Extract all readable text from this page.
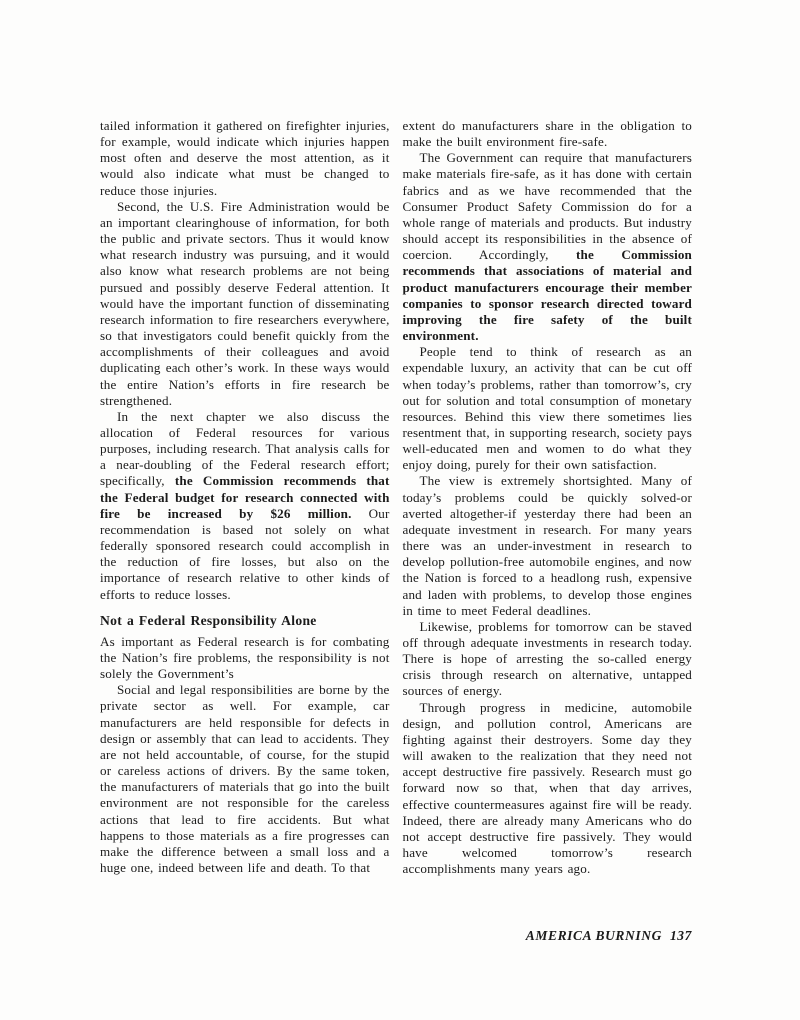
tailed information it gathered on firefighter injuries, for example, would indicate which injuries happen most often and deserve the most attention, as it would also indicate what must be changed to reduce those injuries.

Second, the U.S. Fire Administration would be an important clearinghouse of information, for both the public and private sectors. Thus it would know what research industry was pursuing, and it would also know what research problems are not being pursued and possibly deserve Federal attention. It would have the important function of disseminating research information to fire researchers everywhere, so that investigators could benefit quickly from the accomplishments of their colleagues and avoid duplicating each other’s work. In these ways would the entire Nation’s efforts in fire research be strengthened.

In the next chapter we also discuss the allocation of Federal resources for various purposes, including research. That analysis calls for a near-doubling of the Federal research effort; specifically, the Commission recommends that the Federal budget for research connected with fire be increased by $26 million. Our recommendation is based not solely on what federally sponsored research could accomplish in the reduction of fire losses, but also on the importance of research relative to other kinds of efforts to reduce losses.

Not a Federal Responsibility Alone

As important as Federal research is for combating the Nation’s fire problems, the responsibility is not solely the Government’s

Social and legal responsibilities are borne by the private sector as well. For example, car manufacturers are held responsible for defects in design or assembly that can lead to accidents. They are not held accountable, of course, for the stupid or careless actions of drivers. By the same token, the manufacturers of materials that go into the built environment are not responsible for the careless actions that lead to fire accidents. But what happens to those materials as a fire progresses can make the difference between a small loss and a huge one, indeed between life and death. To that

extent do manufacturers share in the obligation to make the built environment fire-safe.

The Government can require that manufacturers make materials fire-safe, as it has done with certain fabrics and as we have recommended that the Consumer Product Safety Commission do for a whole range of materials and products. But industry should accept its responsibilities in the absence of coercion. Accordingly, the Commission recommends that associations of material and product manufacturers encourage their member companies to sponsor research directed toward improving the fire safety of the built environment.

People tend to think of research as an expendable luxury, an activity that can be cut off when today’s problems, rather than tomorrow’s, cry out for solution and total consumption of monetary resources. Behind this view there sometimes lies resentment that, in supporting research, society pays well-educated men and women to do what they enjoy doing, purely for their own satisfaction.

The view is extremely shortsighted. Many of today’s problems could be quickly solved-or averted altogether-if yesterday there had been an adequate investment in research. For many years there was an under-investment in research to develop pollution-free automobile engines, and now the Nation is forced to a headlong rush, expensive and laden with problems, to develop those engines in time to meet Federal deadlines.

Likewise, problems for tomorrow can be staved off through adequate investments in research today. There is hope of arresting the so-called energy crisis through research on alternative, untapped sources of energy.

Through progress in medicine, automobile design, and pollution control, Americans are fighting against their destroyers. Some day they will awaken to the realization that they need not accept destructive fire passively. Research must go forward now so that, when that day arrives, effective countermeasures against fire will be ready. Indeed, there are already many Americans who do not accept destructive fire passively. They would have welcomed tomorrow’s research accomplishments many years ago.

AMERICA BURNING 137
